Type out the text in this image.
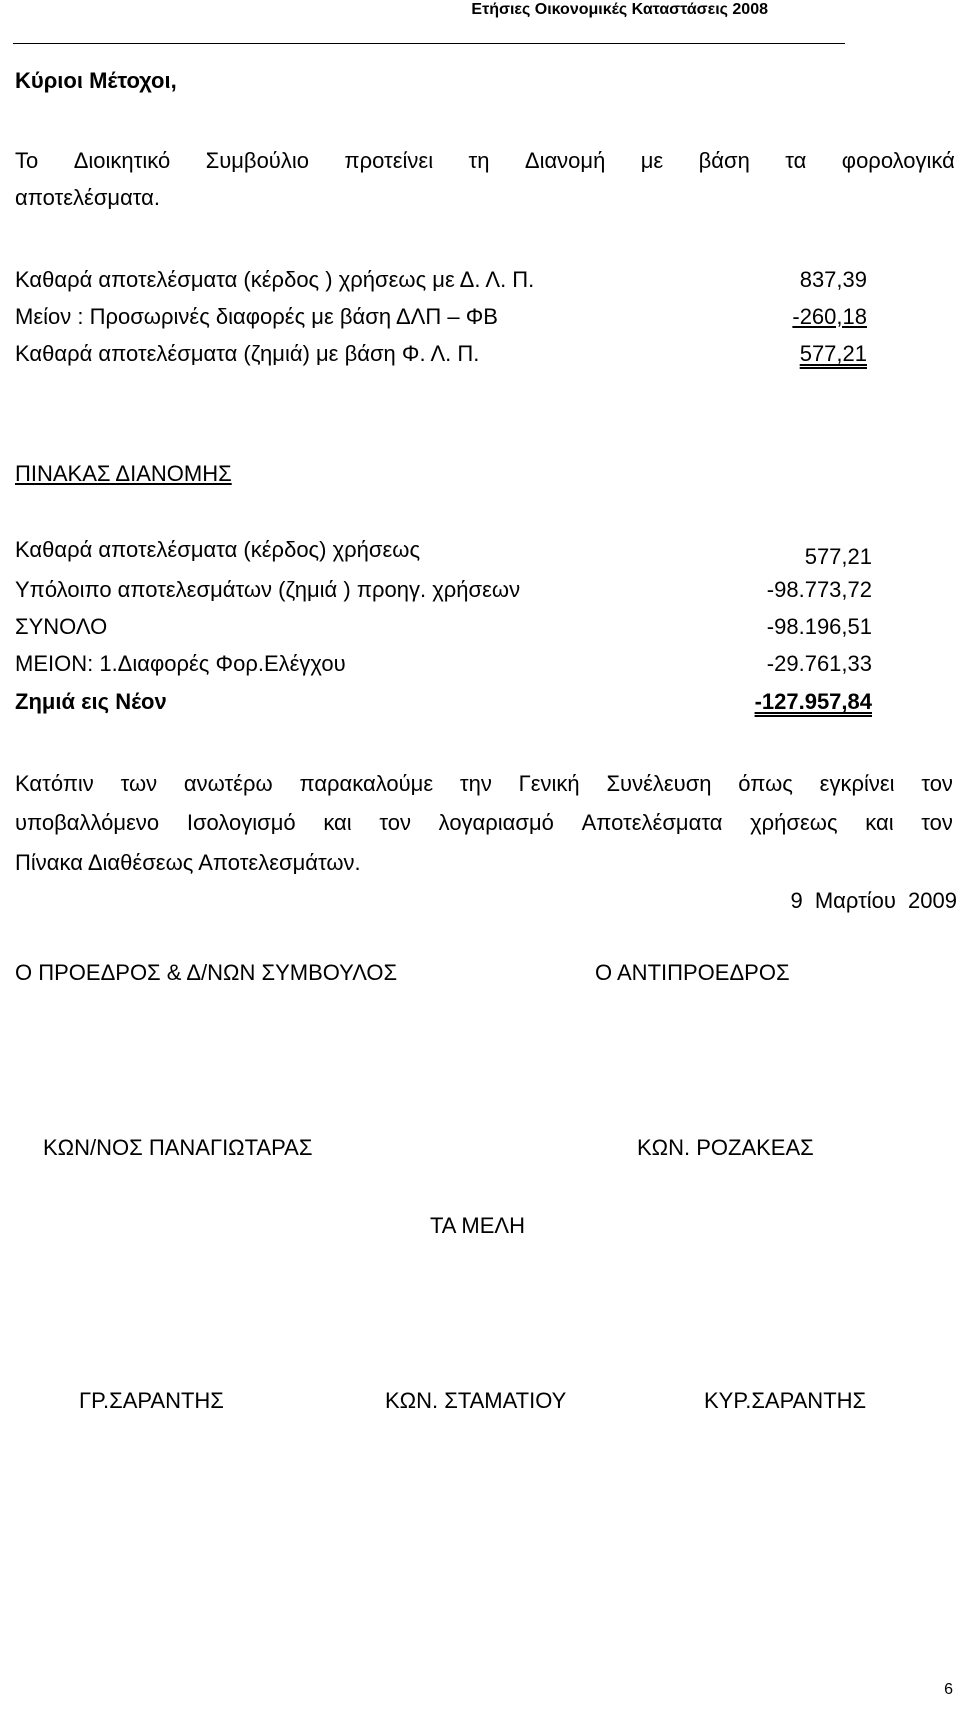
Ετήσιες Οικονομικές Καταστάσεις 2008
Κύριοι Μέτοχοι,
Το Διοικητικό Συμβούλιο προτείνει τη Διανομή με βάση τα φορολογικά
αποτελέσματα.
Καθαρά αποτελέσματα (κέρδος ) χρήσεως με Δ. Λ. Π.	837,39
Μείον : Προσωρινές διαφορές με βάση ΔΛΠ – ΦΒ	-260,18
Καθαρά αποτελέσματα (ζημιά) με βάση Φ. Λ. Π.	577,21
ΠΙΝΑΚΑΣ ΔΙΑΝΟΜΗΣ
Καθαρά αποτελέσματα (κέρδος) χρήσεως	577,21
Υπόλοιπο αποτελεσμάτων (ζημιά ) προηγ. χρήσεων	-98.773,72
ΣΥΝΟΛΟ	-98.196,51
ΜΕΙΟΝ: 1.Διαφορές Φορ.Ελέγχου	-29.761,33
Ζημιά εις Νέον	-127.957,84
Κατόπιν των ανωτέρω παρακαλούμε την Γενική Συνέλευση όπως εγκρίνει τον
υποβαλλόμενο Ισολογισμό και τον λογαριασμό Αποτελέσματα χρήσεως και τον
Πίνακα Διαθέσεως Αποτελεσμάτων.
9 Μαρτίου 2009
Ο ΠΡΟΕΔΡΟΣ & Δ/ΝΩΝ ΣΥΜΒΟΥΛΟΣ	Ο ΑΝΤΙΠΡΟΕΔΡΟΣ
ΚΩΝ/ΝΟΣ ΠΑΝΑΓΙΩΤΑΡΑΣ	ΚΩΝ. ΡΟΖΑΚΕΑΣ
ΤΑ ΜΕΛΗ
ΓΡ.ΣΑΡΑΝΤΗΣ	ΚΩΝ. ΣΤΑΜΑΤΙΟΥ	ΚΥΡ.ΣΑΡΑΝΤΗΣ
6
